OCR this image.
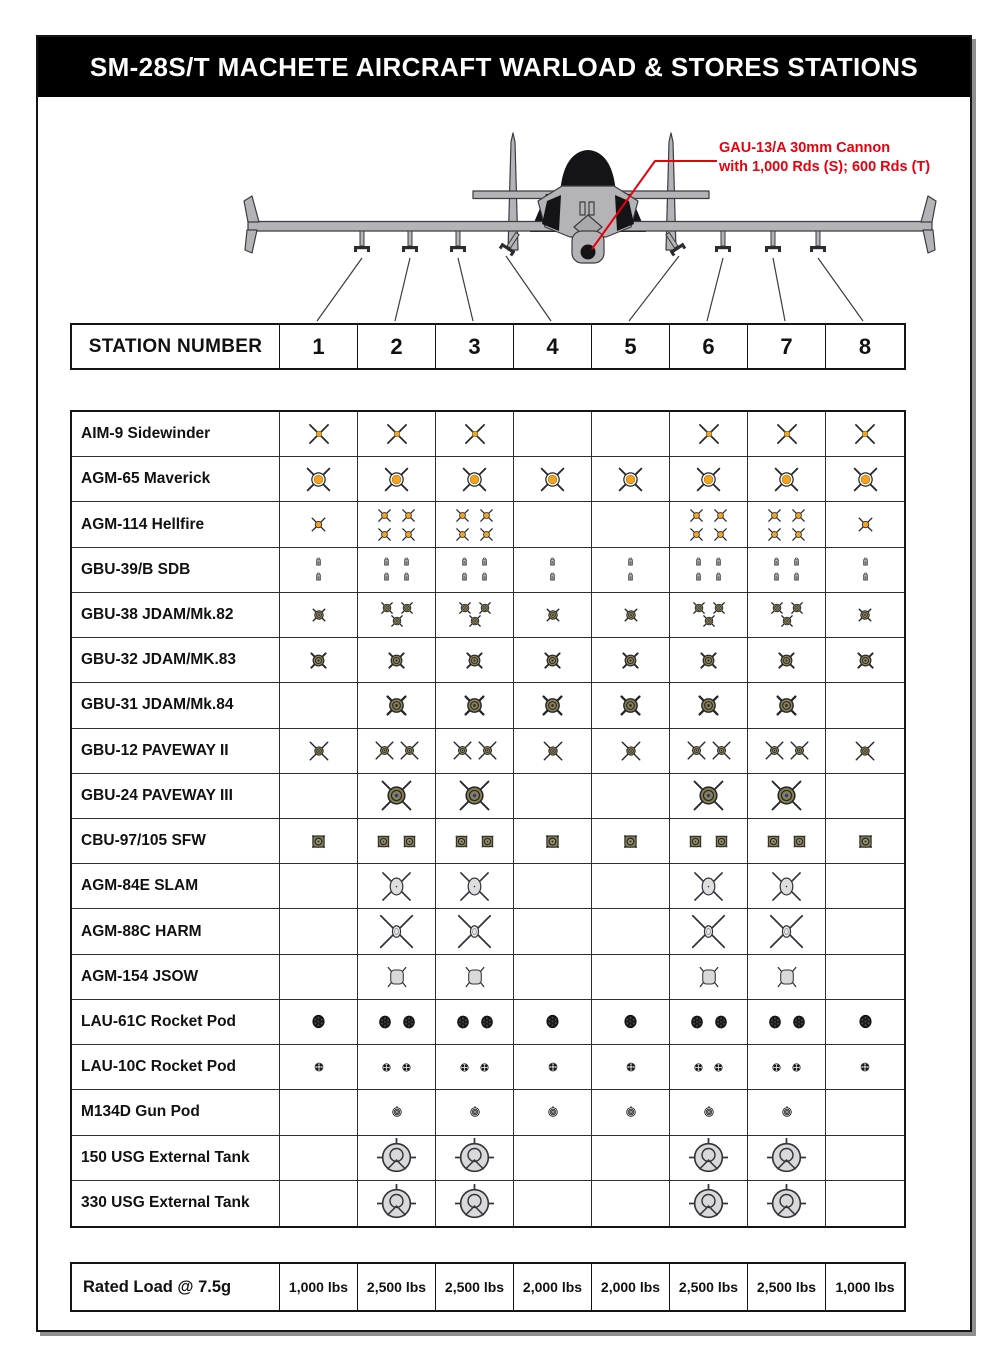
SM-28S/T MACHETE AIRCRAFT WARLOAD & STORES STATIONS
GAU-13/A 30mm Cannon
with 1,000 Rds (S); 600 Rds (T)
STATION NUMBER	1	2	3	4	5	6	7	8
AIM-9 Sidewinder
AGM-65 Maverick
AGM-114 Hellfire
GBU-39/B SDB
GBU-38 JDAM/Mk.82
GBU-32 JDAM/MK.83
GBU-31 JDAM/Mk.84
GBU-12 PAVEWAY II
GBU-24 PAVEWAY III
CBU-97/105 SFW
AGM-84E SLAM
AGM-88C HARM
AGM-154 JSOW
LAU-61C Rocket Pod
LAU-10C Rocket Pod
M134D Gun Pod
150 USG External Tank
330 USG External Tank
Rated Load @ 7.5g	1,000 lbs	2,500 lbs	2,500 lbs	2,000 lbs	2,000 lbs	2,500 lbs	2,500 lbs	1,000 lbs
